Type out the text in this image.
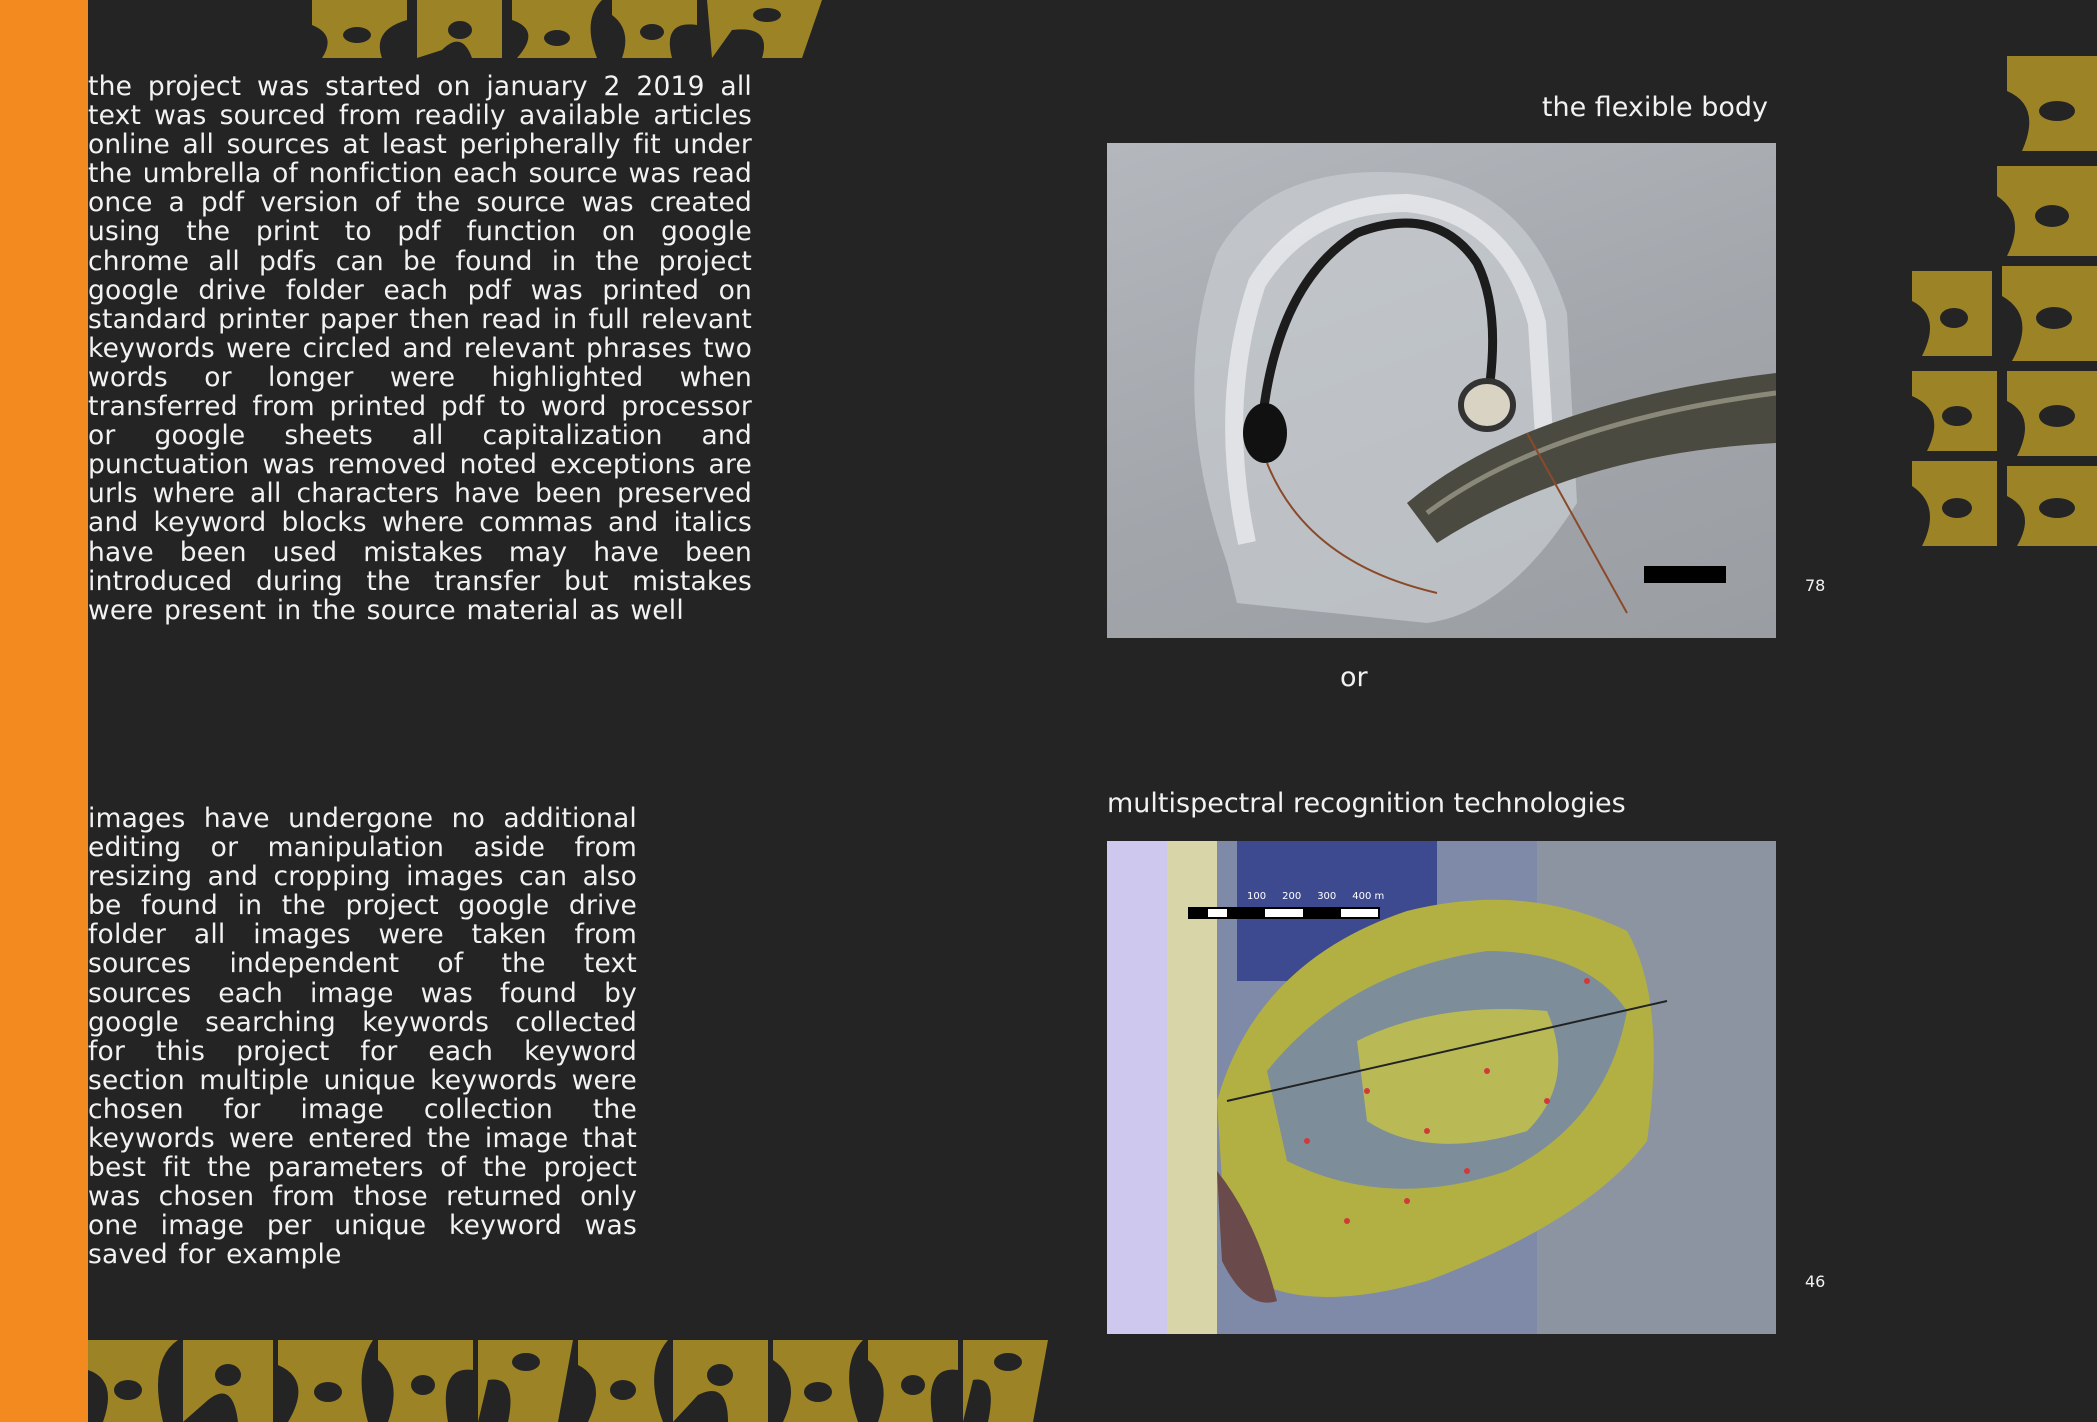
the project was started on january 2 2019 all text was sourced from readily available articles online all sources at least peripherally fit under the umbrella of nonfiction each source was read once a pdf version of the source was created using the print to pdf function on google chrome all pdfs can be found in the project google drive folder each pdf was printed on standard printer paper then read in full relevant keywords were circled and relevant phrases two words or longer were highlighted when transferred from printed pdf to word processor or google sheets all capitalization and punctuation was removed noted exceptions are urls where all characters have been preserved and keyword blocks where commas and italics have been used mistakes may have been introduced during the transfer but mistakes were present in the source material as well

images have undergone no additional editing or manipulation aside from resizing and cropping images can also be found in the project google drive folder all images were taken from sources independent of the text sources each image was found by google searching keywords collected for this project for each keyword section multiple unique keywords were chosen for image collection the keywords were entered the image that best fit the parameters of the project was chosen from those returned only one image per unique keyword was saved for example

the flexible body
or
multispectral recognition technologies
78
100 200 300 400 m
46
